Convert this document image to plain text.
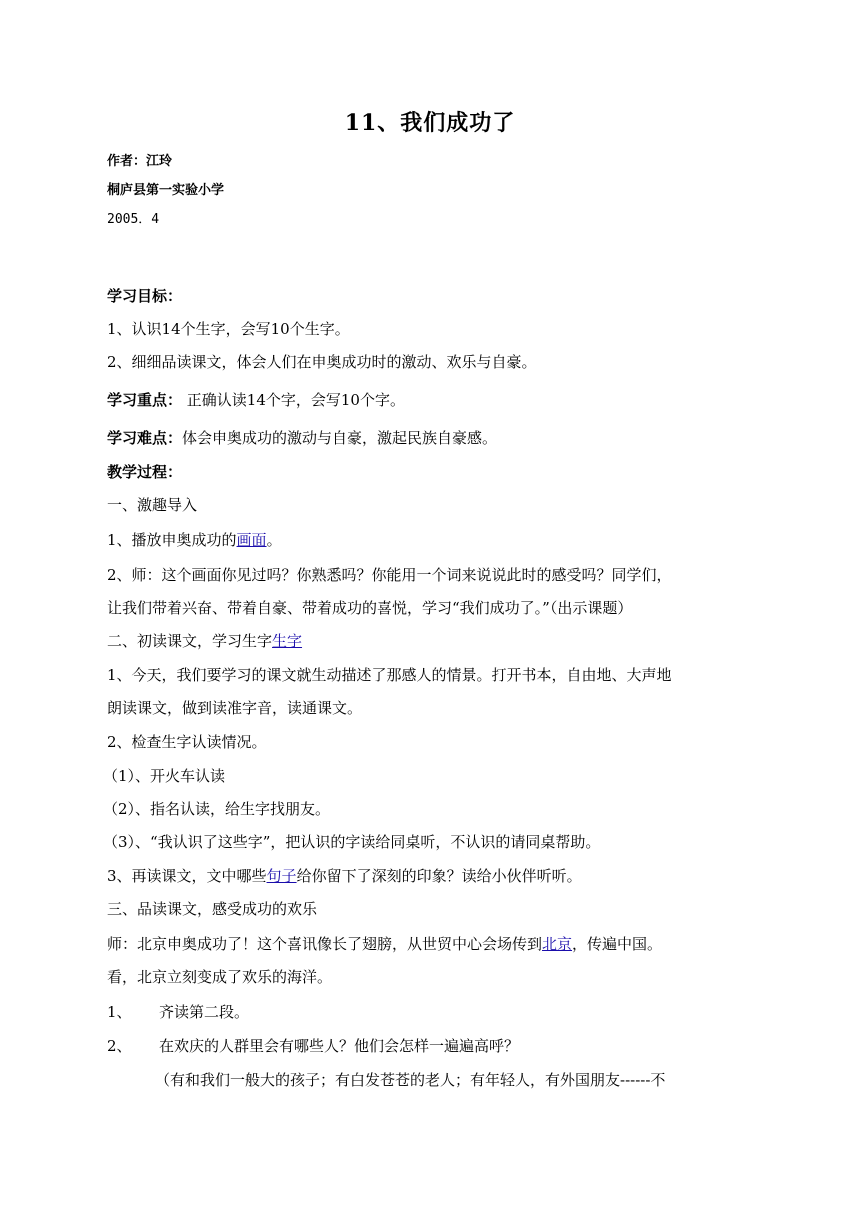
11、我们成功了
作者：江玲
桐庐县第一实验小学
2005．4
学习目标：
1、认识14个生字，会写10个生字。
2、细细品读课文，体会人们在申奥成功时的激动、欢乐与自豪。
学习重点： 正确认读14个字，会写10个字。
学习难点：体会申奥成功的激动与自豪，激起民族自豪感。
教学过程：
一、激趣导入
1、播放申奥成功的画面。
2、师：这个画面你见过吗？你熟悉吗？你能用一个词来说说此时的感受吗？同学们，
让我们带着兴奋、带着自豪、带着成功的喜悦，学习“我们成功了。”（出示课题）
二、初读课文，学习生字生字
1、今天，我们要学习的课文就生动描述了那感人的情景。打开书本，自由地、大声地
朗读课文，做到读准字音，读通课文。
2、检查生字认读情况。
（1）、开火车认读
（2）、指名认读，给生字找朋友。
（3）、“我认识了这些字”，把认识的字读给同桌听，不认识的请同桌帮助。
3、再读课文，文中哪些句子给你留下了深刻的印象？读给小伙伴听听。
三、品读课文，感受成功的欢乐
师：北京申奥成功了！这个喜讯像长了翅膀，从世贸中心会场传到北京，传遍中国。
看，北京立刻变成了欢乐的海洋。
1、 齐读第二段。
2、 在欢庆的人群里会有哪些人？他们会怎样一遍遍高呼？
（有和我们一般大的孩子；有白发苍苍的老人；有年轻人，有外国朋友------不
